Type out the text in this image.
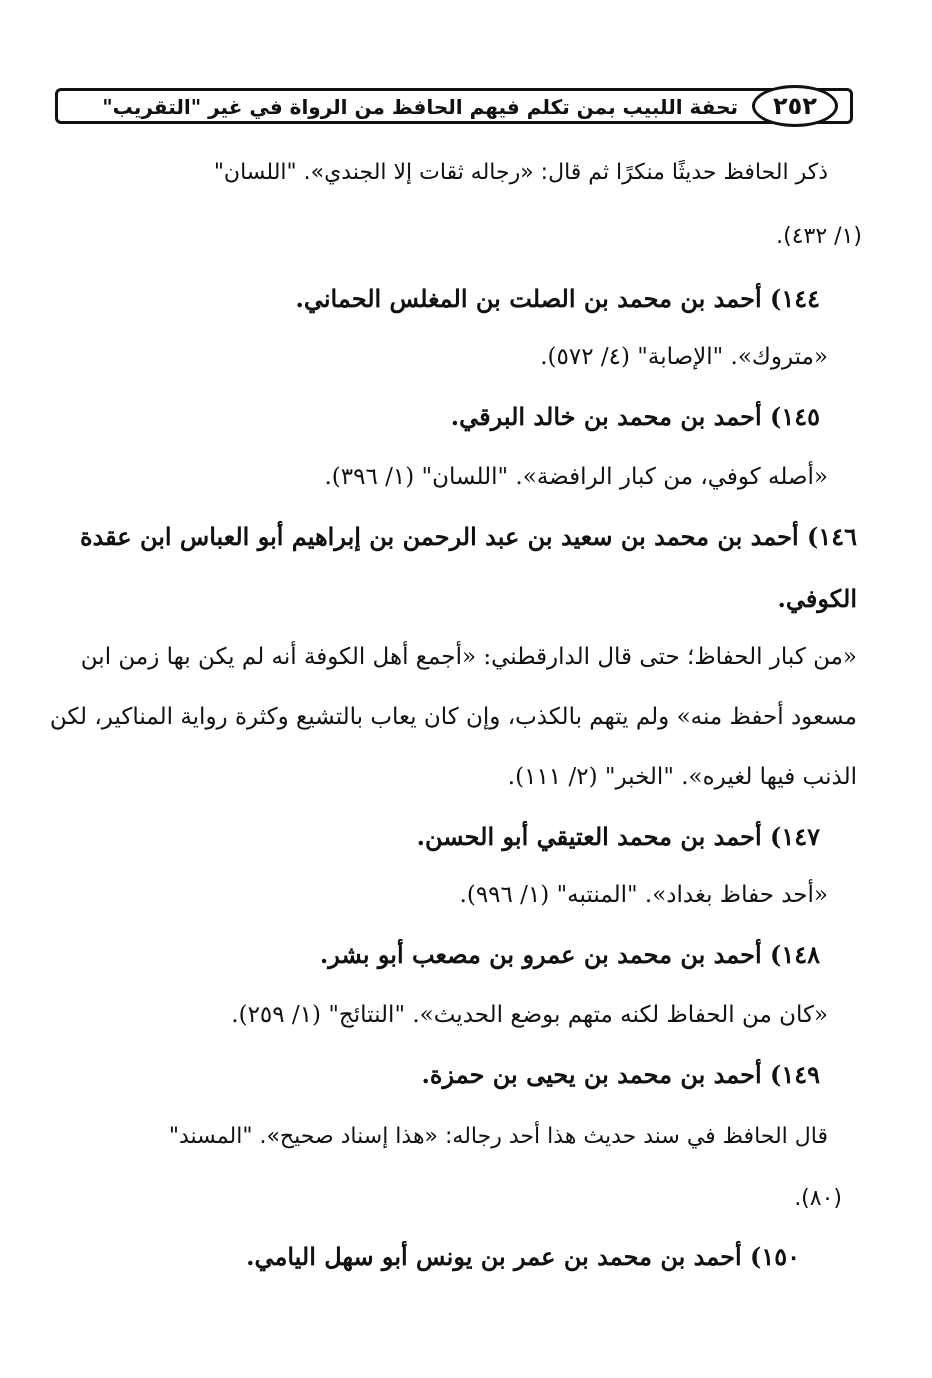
٢٥٢
تحفة اللبيب بمن تكلم فيهم الحافظ من الرواة في غير "التقريب"
ذكر الحافظ حديثًا منكرًا ثم قال: «رجاله ثقات إلا الجندي». "اللسان"
(١/ ٤٣٢).
١٤٤) أحمد بن محمد بن الصلت بن المغلس الحماني.
«متروك». "الإصابة" (٤/ ٥٧٢).
١٤٥) أحمد بن محمد بن خالد البرقي.
«أصله كوفي، من كبار الرافضة». "اللسان" (١/ ٣٩٦).
١٤٦) أحمد بن محمد بن سعيد بن عبد الرحمن بن إبراهيم أبو العباس ابن عقدة
الكوفي.
«من كبار الحفاظ؛ حتى قال الدارقطني: «أجمع أهل الكوفة أنه لم يكن بها زمن ابن
مسعود أحفظ منه» ولم يتهم بالكذب، وإن كان يعاب بالتشيع وكثرة رواية المناكير، لكن
الذنب فيها لغيره». "الخبر" (٢/ ١١١).
١٤٧) أحمد بن محمد العتيقي أبو الحسن.
«أحد حفاظ بغداد». "المنتبه" (١/ ٩٩٦).
١٤٨) أحمد بن محمد بن عمرو بن مصعب أبو بشر.
«كان من الحفاظ لكنه متهم بوضع الحديث». "النتائج" (١/ ٢٥٩).
١٤٩) أحمد بن محمد بن يحيى بن حمزة.
قال الحافظ في سند حديث هذا أحد رجاله: «هذا إسناد صحيح». "المسند"
(٨٠).
١٥٠) أحمد بن محمد بن عمر بن يونس أبو سهل اليامي.
